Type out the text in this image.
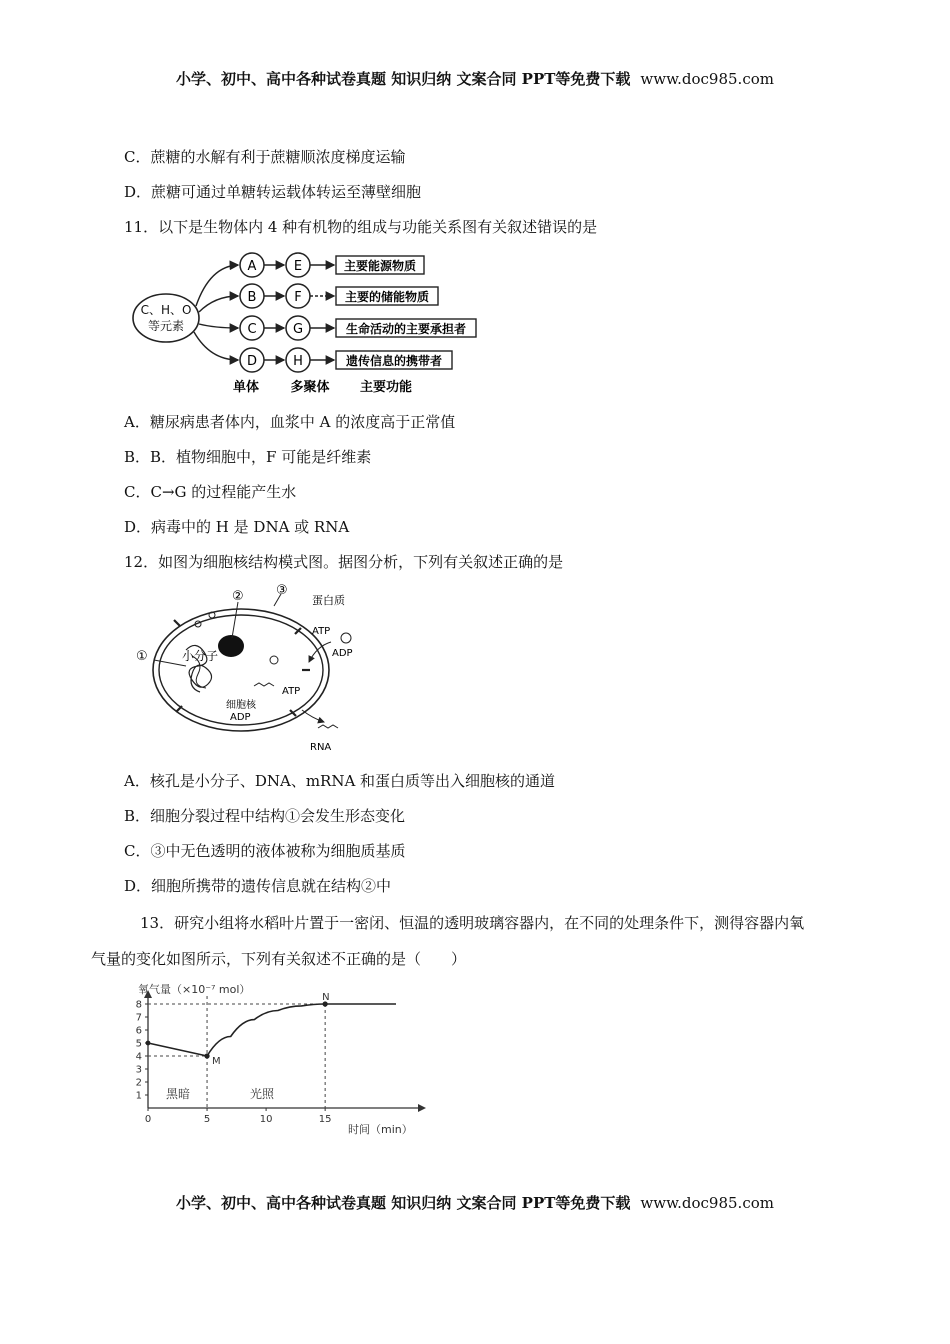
小学、初中、高中各种试卷真题 知识归纳 文案合同 PPT等免费下载 www.doc985.com
C．蔗糖的水解有利于蔗糖顺浓度梯度运输
D．蔗糖可通过单糖转运载体转运至薄壁细胞
11．以下是生物体内 4 种有机物的组成与功能关系图有关叙述错误的是
C、H、O
等元素
A	E	主要能源物质
B	F	主要的储能物质
C	G	生命活动的主要承担者
D	H	遗传信息的携带者
单体 多聚体 主要功能
A．糖尿病患者体内，血浆中 A 的浓度高于正常值
B．B．植物细胞中，F 可能是纤维素
C．C→G 的过程能产生水
D．病毒中的 H 是 DNA 或 RNA
12．如图为细胞核结构模式图。据图分析，下列有关叙述正确的是
①
② ③
蛋白质
ATP
ADP
小分子
ATP
细胞核
ADP
RNA
A．核孔是小分子、DNA、mRNA 和蛋白质等出入细胞核的通道
B．细胞分裂过程中结构①会发生形态变化
C．③中无色透明的液体被称为细胞质基质
D．细胞所携带的遗传信息就在结构②中
13．研究小组将水稻叶片置于一密闭、恒温的透明玻璃容器内，在不同的处理条件下，测得容器内氧
气量的变化如图所示，下列有关叙述不正确的是（　　）
0	5	10	15
1
2
3
4
5
6
7
8
M
N
氧气量（×10⁻⁷ mol）
时间（min）
黑暗	光照
小学、初中、高中各种试卷真题 知识归纳 文案合同 PPT等免费下载 www.doc985.com
